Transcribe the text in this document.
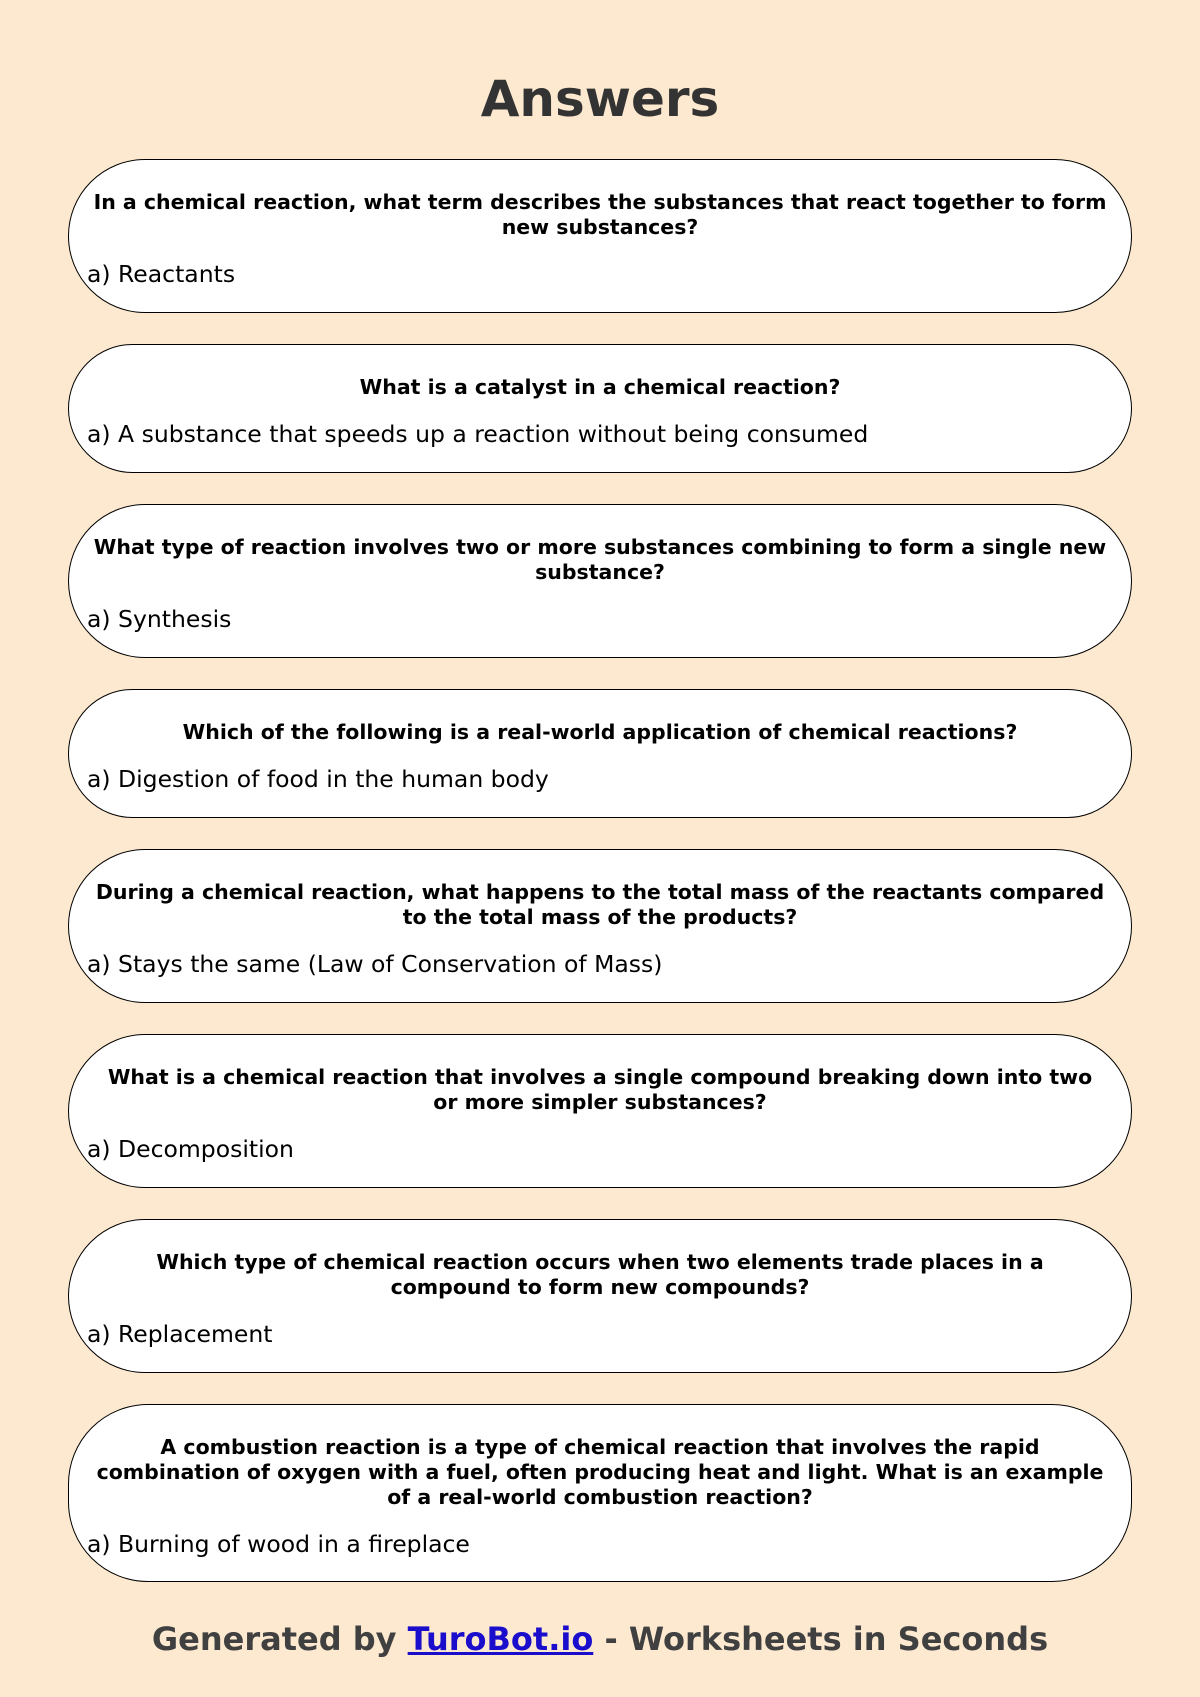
Answers
In a chemical reaction, what term describes the substances that react together to form new substances?
a) Reactants
What is a catalyst in a chemical reaction?
a) A substance that speeds up a reaction without being consumed
What type of reaction involves two or more substances combining to form a single new substance?
a) Synthesis
Which of the following is a real-world application of chemical reactions?
a) Digestion of food in the human body
During a chemical reaction, what happens to the total mass of the reactants compared to the total mass of the products?
a) Stays the same (Law of Conservation of Mass)
What is a chemical reaction that involves a single compound breaking down into two or more simpler substances?
a) Decomposition
Which type of chemical reaction occurs when two elements trade places in a compound to form new compounds?
a) Replacement
A combustion reaction is a type of chemical reaction that involves the rapid combination of oxygen with a fuel, often producing heat and light. What is an example of a real-world combustion reaction?
a) Burning of wood in a fireplace
Generated by TuroBot.io - Worksheets in Seconds
